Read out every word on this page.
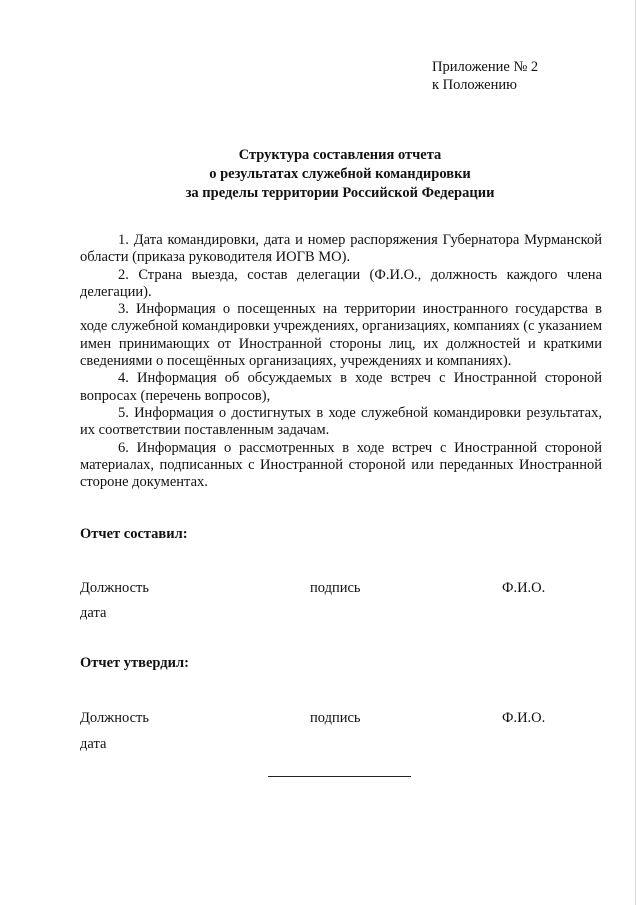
Приложение № 2
к Положению
Структура составления отчета
о результатах служебной командировки
за пределы территории Российской Федерации

1. Дата командировки, дата и номер распоряжения Губернатора Мурманской области (приказа руководителя ИОГВ МО).

2. Страна выезда, состав делегации (Ф.И.О., должность каждого члена делегации).

3. Информация о посещенных на территории иностранного государства в ходе служебной командировки учреждениях, организациях, компаниях (с указанием имен принимающих от Иностранной стороны лиц, их должностей и краткими сведениями о посещённых организациях, учреждениях и компаниях).

4. Информация об обсуждаемых в ходе встреч с Иностранной стороной вопросах (перечень вопросов),

5. Информация о достигнутых в ходе служебной командировки результатах, их соответствии поставленным задачам.

6. Информация о рассмотренных в ходе встреч с Иностранной стороной материалах, подписанных с Иностранной стороной или переданных Иностранной стороне документах.

Отчет составил:
Должность	подпись	Ф.И.О.
дата
Отчет утвердил:
Должность	подпись	Ф.И.О.
дата
